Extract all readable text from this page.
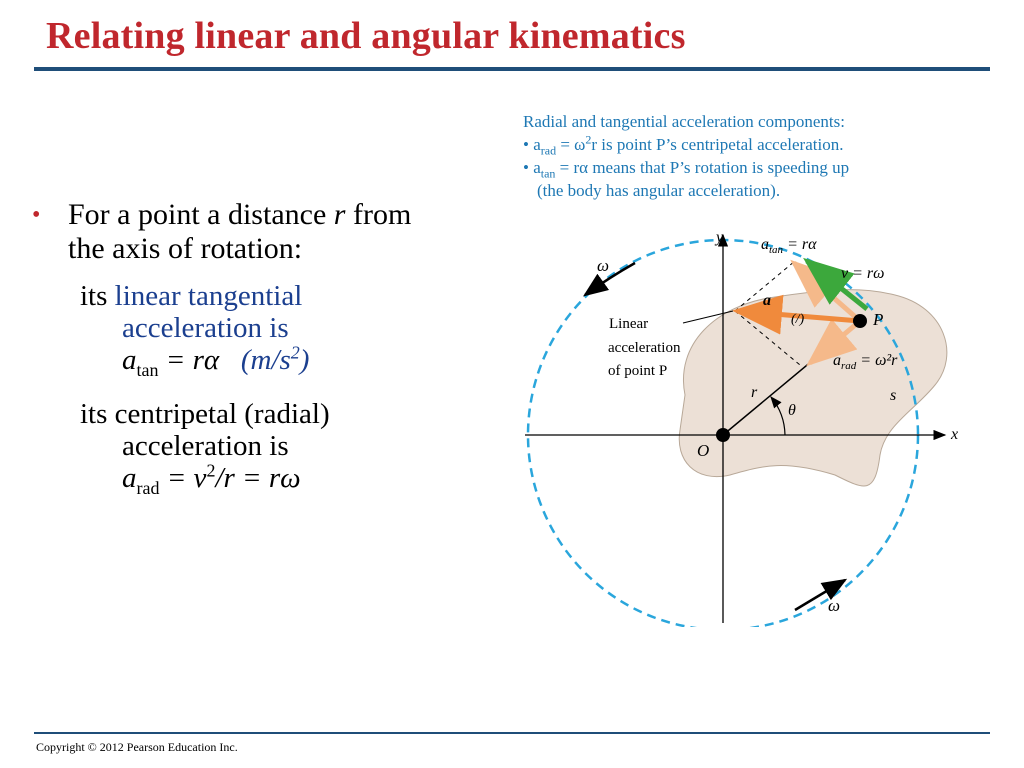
Relating linear and angular kinematics
• For a point a distance r from
the axis of rotation:
its linear tangential
acceleration is
$a_{tan} = r\alpha$ $(m/s^2)$
its centripetal (radial)
acceleration is
$a_{rad} = v^2/r = r\omega$
Radial and tangential acceleration components:
• $a_{rad} = \omega^2r$ is point P’s centripetal acceleration.
• $a_{tan} = r\alpha$ means that P’s rotation is speeding up
(the body has angular acceleration).
y
x
O
P
r
θ
s
ω
ω
a
(/)
Linear
acceleration
of point P
$a_{tan} = r\alpha$
v = rω
$a_{rad} = \omega^2r$
Copyright © 2012 Pearson Education Inc.
